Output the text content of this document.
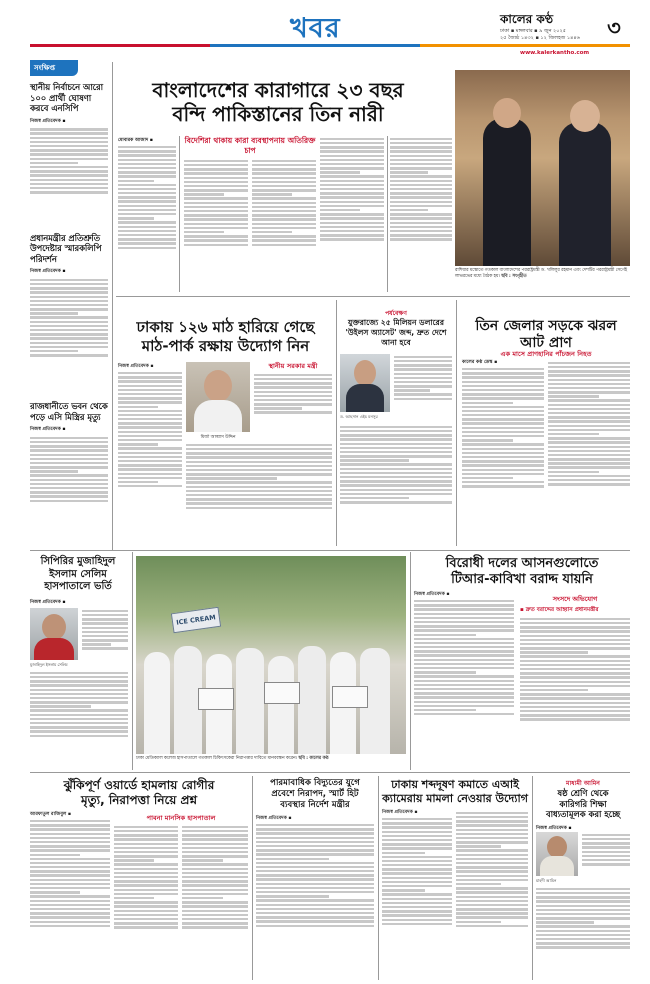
খবর	কালের কণ্ঠ
ঢাকা ▪ মঙ্গলবার ▪ ৯ জুন ২০২৫
২৫ জ্যৈষ্ঠ ১৪৩২ ▪ ১২ জিলহজ ১৪৪৬	৩
www.kalerkantho.com
সংক্ষিপ্ত
স্থানীয় নির্বাচনে আরো ১০০ প্রার্থী ঘোষণা করবে এনসিপি
নিজস্ব প্রতিবেদক ▪
প্রধানমন্ত্রীর প্রতিশ্রুতি উপদেষ্টার স্মারকলিপি পরিদর্শন
নিজস্ব প্রতিবেদক ▪
রাজধানীতে ভবন থেকে পড়ে এসি মিস্ত্রির মৃত্যু
নিজস্ব প্রতিবেদক ▪
বাংলাদেশের কারাগারে ২৩ বছর
বন্দি পাকিস্তানের তিন নারী
মোবারক আজাদ ▪	বিদেশিরা থাকায় কারা ব্যবস্থাপনায় অতিরিক্ত চাপ
রাশিয়ার মস্কোতে গতকাল বাংলাদেশের পররাষ্ট্রমন্ত্রী ড. খলিলুর রহমান এবং দেশটির পররাষ্ট্রমন্ত্রী সের্গেই লাভরভের মধ্যে বৈঠক হয়। ছবি : সংগৃহীত
ঢাকায় ১২৬ মাঠ হারিয়ে গেছে
মাঠ-পার্ক রক্ষায় উদ্যোগ নিন
নিজস্ব প্রতিবেদক ▪	স্থানীয় সরকার মন্ত্রী
মির্জা আব্বাস উদ্দিন
পর্যবেক্ষণ
যুক্তরাজ্যে ২৫ মিলিয়ন ডলারের 'উইলস অ্যাসেট' জব্দ, দ্রুত দেশে আনা হবে
ড. আহসান এইচ মনসুর
তিন জেলার সড়কে ঝরল আট প্রাণ
এক মাসে প্রাণহানির পাঁচজন নিহত
কালের কণ্ঠ ডেস্ক ▪
সিপিরির মুজাহিদুল
ইসলাম সেলিম
হাসপাতালে ভর্তি
নিজস্ব প্রতিবেদক ▪
মুজাহিদুল ইসলাম সেলিম
ICE CREAM
ঢাকা মেডিক্যাল কলেজ হাসপাতালে গতকাল চিকিৎসকেরা নিরাপত্তার দাবিতে মানববন্ধন করেন। ছবি : কালের কণ্ঠ
বিরোধী দলের আসনগুলোতে
টিআর-কাবিখা বরাদ্দ যায়নি
নিজস্ব প্রতিবেদক ▪
সংসদে অভিযোগ
▪ দ্রুত বরাদ্দের আহ্বান প্রধানমন্ত্রীর
ঝুঁকিপূর্ণ ওয়ার্ডে হামলায় রোগীর
মৃত্যু, নিরাপত্তা নিয়ে প্রশ্ন
আরফাতুল রাজিবুল ▪	পাবনা মানসিক হাসপাতাল
পারমাবাধিক বিদ্যুতের যুগে
প্রবেশে নিরাপদ, স্মার্ট হিট
ব্যবস্থার নির্দেশ মন্ত্রীর
নিজস্ব প্রতিবেদক ▪
ঢাকায় শব্দদূষণ কমাতে এআই
ক্যামেরায় মামলা নেওয়ার উদ্যোগ
নিজস্ব প্রতিবেদক ▪
মাধ্যমী আমিন
ষষ্ঠ শ্রেণি থেকে
কারিগরি শিক্ষা
বাধ্যতামূলক করা হচ্ছে
নিজস্ব প্রতিবেদক ▪
মাহদী আমিন
